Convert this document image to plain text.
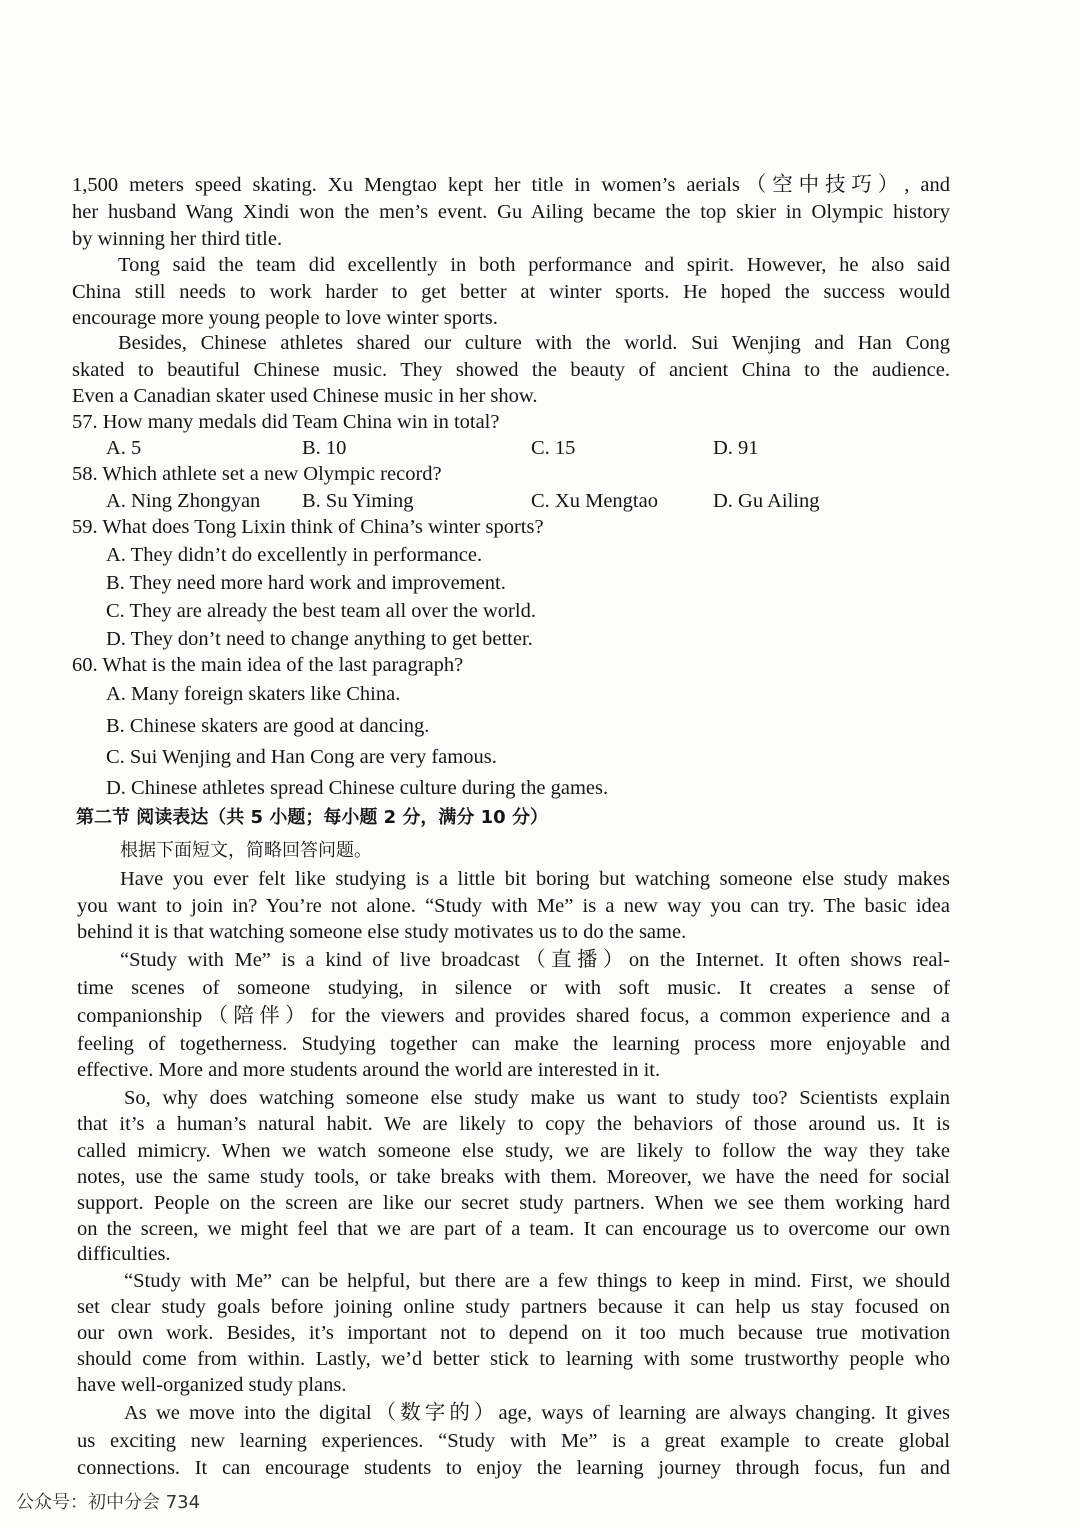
1,500 meters speed skating. Xu Mengtao kept her title in women’s aerials（空中技巧）, and
her husband Wang Xindi won the men’s event. Gu Ailing became the top skier in Olympic history
by winning her third title.
Tong said the team did excellently in both performance and spirit. However, he also said
China still needs to work harder to get better at winter sports. He hoped the success would
encourage more young people to love winter sports.
Besides, Chinese athletes shared our culture with the world. Sui Wenjing and Han Cong
skated to beautiful Chinese music. They showed the beauty of ancient China to the audience.
Even a Canadian skater used Chinese music in her show.
57. How many medals did Team China win in total?
A. 5	B. 10	C. 15	D. 91
58. Which athlete set a new Olympic record?
A. Ning Zhongyan B. Su Yiming	C. Xu Mengtao	D. Gu Ailing
59. What does Tong Lixin think of China’s winter sports?
A. They didn’t do excellently in performance.
B. They need more hard work and improvement.
C. They are already the best team all over the world.
D. They don’t need to change anything to get better.
60. What is the main idea of the last paragraph?
A. Many foreign skaters like China.
B. Chinese skaters are good at dancing.
C. Sui Wenjing and Han Cong are very famous.
D. Chinese athletes spread Chinese culture during the games.
第二节 阅读表达（共 5 小题；每小题 2 分，满分 10 分）
根据下面短文，简略回答问题。
Have you ever felt like studying is a little bit boring but watching someone else study makes
you want to join in? You’re not alone. “Study with Me” is a new way you can try. The basic idea
behind it is that watching someone else study motivates us to do the same.
“Study with Me” is a kind of live broadcast（直播）on the Internet. It often shows real-
time scenes of someone studying, in silence or with soft music. It creates a sense of
companionship（陪伴）for the viewers and provides shared focus, a common experience and a
feeling of togetherness. Studying together can make the learning process more enjoyable and
effective. More and more students around the world are interested in it.
So, why does watching someone else study make us want to study too? Scientists explain
that it’s a human’s natural habit. We are likely to copy the behaviors of those around us. It is
called mimicry. When we watch someone else study, we are likely to follow the way they take
notes, use the same study tools, or take breaks with them. Moreover, we have the need for social
support. People on the screen are like our secret study partners. When we see them working hard
on the screen, we might feel that we are part of a team. It can encourage us to overcome our own
difficulties.
“Study with Me” can be helpful, but there are a few things to keep in mind. First, we should
set clear study goals before joining online study partners because it can help us stay focused on
our own work. Besides, it’s important not to depend on it too much because true motivation
should come from within. Lastly, we’d better stick to learning with some trustworthy people who
have well-organized study plans.
As we move into the digital（数字的）age, ways of learning are always changing. It gives
us exciting new learning experiences. “Study with Me” is a great example to create global
connections. It can encourage students to enjoy the learning journey through focus, fun and
公众号：初中分会 734
